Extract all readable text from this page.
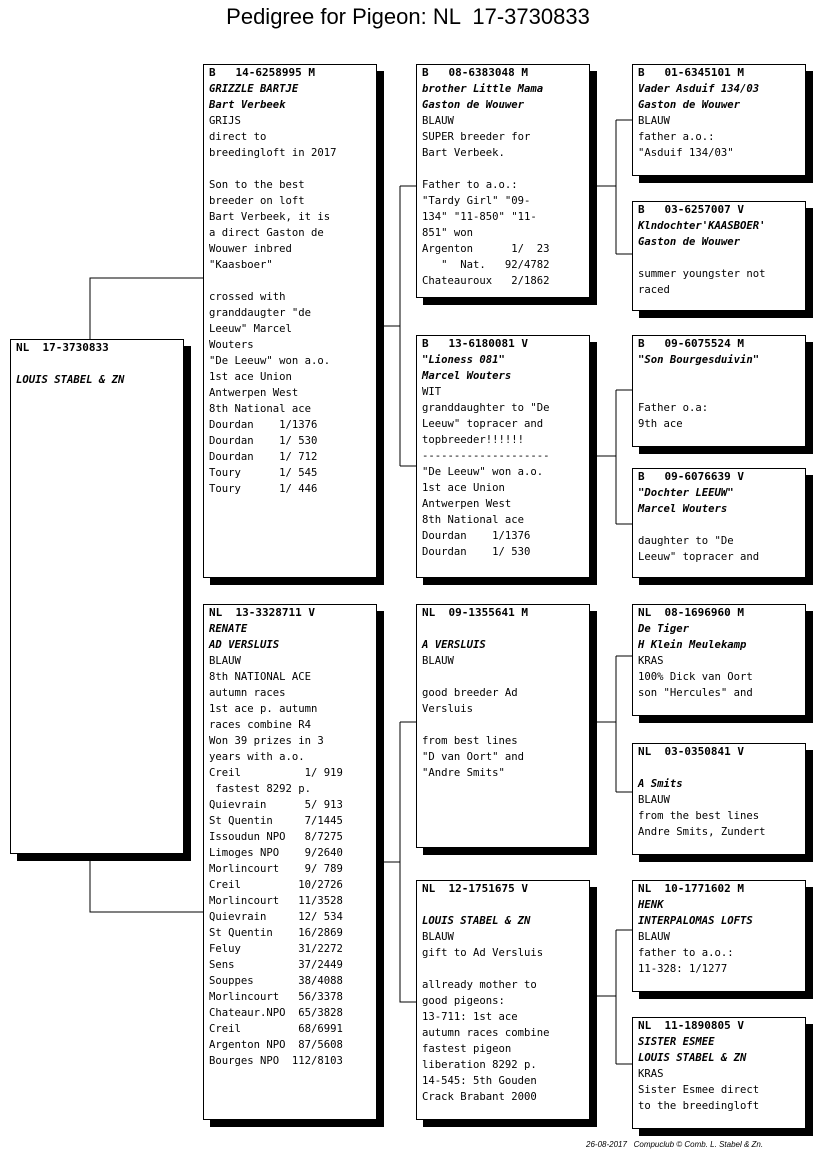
Pedigree for Pigeon: NL  17-3730833
NL  17-3730833
LOUIS STABEL & ZN
B   14-6258995 M
GRIZZLE BARTJE
Bart Verbeek
GRIJS
direct to
breedingloft in 2017
Son to the best
breeder on loft
Bart Verbeek, it is
a direct Gaston de
Wouwer inbred
"Kaasboer"
crossed with
granddaugter "de
Leeuw" Marcel
Wouters
"De Leeuw" won a.o.
1st ace Union
Antwerpen West
8th National ace
Dourdan    1/1376
Dourdan    1/ 530
Dourdan    1/ 712
Toury      1/ 545
Toury      1/ 446
NL  13-3328711 V
RENATE
AD VERSLUIS
BLAUW
8th NATIONAL ACE
autumn races
1st ace p. autumn
races combine R4
Won 39 prizes in 3
years with a.o.
Creil          1/ 919
fastest 8292 p.
Quievrain      5/ 913
St Quentin     7/1445
Issoudun NPO   8/7275
Limoges NPO    9/2640
Morlincourt    9/ 789
Creil         10/2726
Morlincourt   11/3528
Quievrain     12/ 534
St Quentin    16/2869
Feluy         31/2272
Sens          37/2449
Souppes       38/4088
Morlincourt   56/3378
Chateaur.NPO  65/3828
Creil         68/6991
Argenton NPO  87/5608
Bourges NPO  112/8103
B   08-6383048 M
brother Little Mama
Gaston de Wouwer
BLAUW
SUPER breeder for
Bart Verbeek.
Father to a.o.:
"Tardy Girl" "09-
134" "11-850" "11-
851" won
Argenton      1/  23
"  Nat.   92/4782
Chateauroux   2/1862
B   13-6180081 V
"Lioness 081"
Marcel Wouters
WIT
granddaughter to "De
Leeuw" topracer and
topbreeder!!!!!!
--------------------
"De Leeuw" won a.o.
1st ace Union
Antwerpen West
8th National ace
Dourdan    1/1376
Dourdan    1/ 530
NL  09-1355641 M
A VERSLUIS
BLAUW
good breeder Ad
Versluis
from best lines
"D van Oort" and
"Andre Smits"
NL  12-1751675 V
LOUIS STABEL & ZN
BLAUW
gift to Ad Versluis
allready mother to
good pigeons:
13-711: 1st ace
autumn races combine
fastest pigeon
liberation 8292 p.
14-545: 5th Gouden
Crack Brabant 2000
B   01-6345101 M
Vader Asduif 134/03
Gaston de Wouwer
BLAUW
father a.o.:
"Asduif 134/03"
B   03-6257007 V
Klndochter'KAASBOER'
Gaston de Wouwer
summer youngster not
raced
B   09-6075524 M
"Son Bourgesduivin"
Father o.a:
9th ace
B   09-6076639 V
"Dochter LEEUW"
Marcel Wouters
daughter to "De
Leeuw" topracer and
NL  08-1696960 M
De Tiger
H Klein Meulekamp
KRAS
100% Dick van Oort
son "Hercules" and
NL  03-0350841 V
A Smits
BLAUW
from the best lines
Andre Smits, Zundert
NL  10-1771602 M
HENK
INTERPALOMAS LOFTS
BLAUW
father to a.o.:
11-328: 1/1277
NL  11-1890805 V
SISTER ESMEE
LOUIS STABEL & ZN
KRAS
Sister Esmee direct
to the breedingloft
26-08-2017   Compuclub © Comb. L. Stabel & Zn.
